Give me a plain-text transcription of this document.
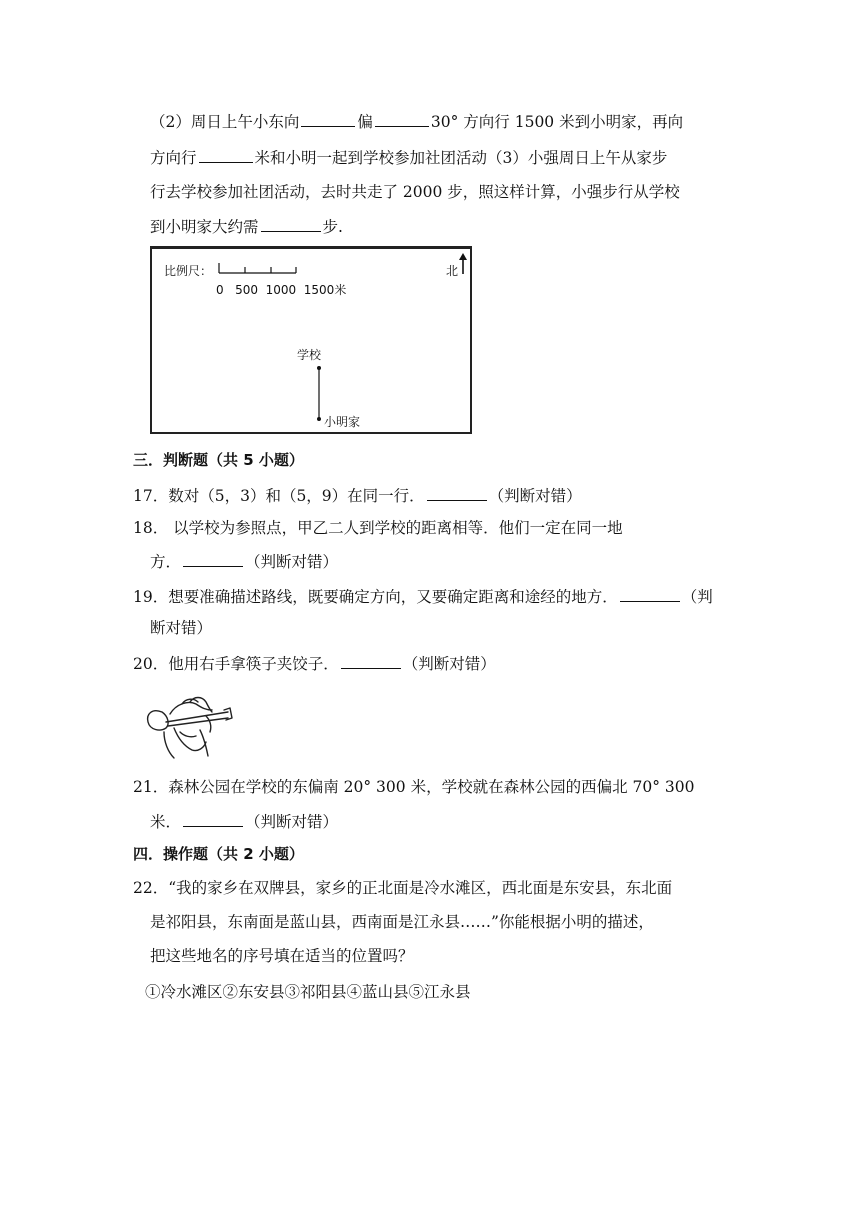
（2）周日上午小东向	偏	30° 方向行 1500 米到小明家，再向
方向行	米和小明一起到学校参加社团活动（3）小强周日上午从家步
行去学校参加社团活动，去时共走了 2000 步，照这样计算，小强步行从学校
到小明家大约需	步.
比例尺：
0   500  1000  1500米
北
学校
小明家
三．判断题（共 5 小题）
17．数对（5，3）和（5，9）在同一行．	（判断对错）
18． 以学校为参照点，甲乙二人到学校的距离相等．他们一定在同一地
方．	（判断对错）
19．想要准确描述路线，既要确定方向，又要确定距离和途经的地方．	（判
断对错）
20．他用右手拿筷子夹饺子．	（判断对错）
21．森林公园在学校的东偏南 20° 300 米，学校就在森林公园的西偏北 70° 300
米．	（判断对错）
四．操作题（共 2 小题）
22．“我的家乡在双牌县，家乡的正北面是冷水滩区，西北面是东安县，东北面
是祁阳县，东南面是蓝山县，西南面是江永县……”你能根据小明的描述，
把这些地名的序号填在适当的位置吗？
①冷水滩区②东安县③祁阳县④蓝山县⑤江永县
